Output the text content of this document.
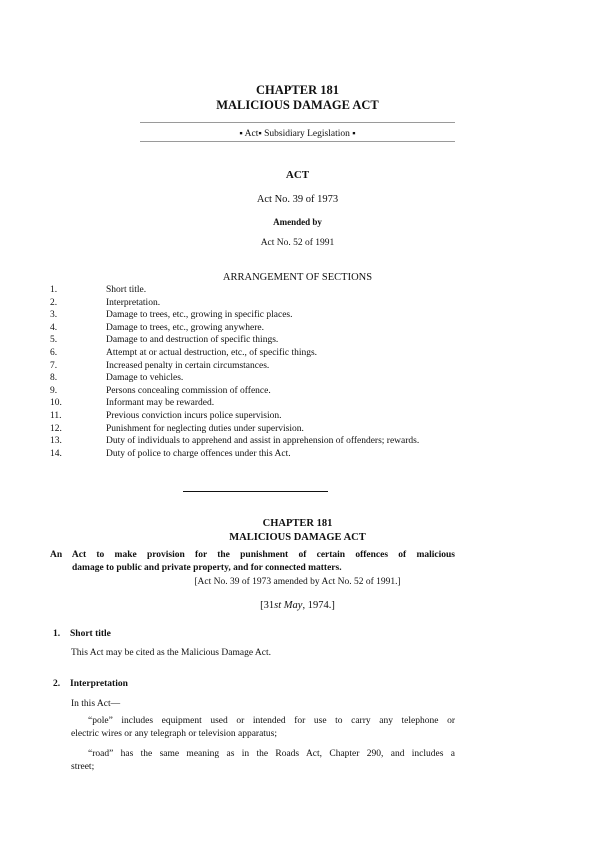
CHAPTER 181
MALICIOUS DAMAGE ACT
▪ Act▪ Subsidiary Legislation ▪
ACT
Act No. 39 of 1973
Amended by
Act No. 52 of 1991
ARRANGEMENT OF SECTIONS
1.	Short title.
2.	Interpretation.
3.	Damage to trees, etc., growing in specific places.
4.	Damage to trees, etc., growing anywhere.
5.	Damage to and destruction of specific things.
6.	Attempt at or actual destruction, etc., of specific things.
7.	Increased penalty in certain circumstances.
8.	Damage to vehicles.
9.	Persons concealing commission of offence.
10.	Informant may be rewarded.
11.	Previous conviction incurs police supervision.
12.	Punishment for neglecting duties under supervision.
13.	Duty of individuals to apprehend and assist in apprehension of offenders; rewards.
14.	Duty of police to charge offences under this Act.
CHAPTER 181
MALICIOUS DAMAGE ACT
An Act to make provision for the punishment of certain offences of malicious
damage to public and private property, and for connected matters.
[Act No. 39 of 1973 amended by Act No. 52 of 1991.]
[31st May, 1974.]
1. Short title
This Act may be cited as the Malicious Damage Act.
2. Interpretation
In this Act—
“pole” includes equipment used or intended for use to carry any telephone or
electric wires or any telegraph or television apparatus;
“road” has the same meaning as in the Roads Act, Chapter 290, and includes a
street;
